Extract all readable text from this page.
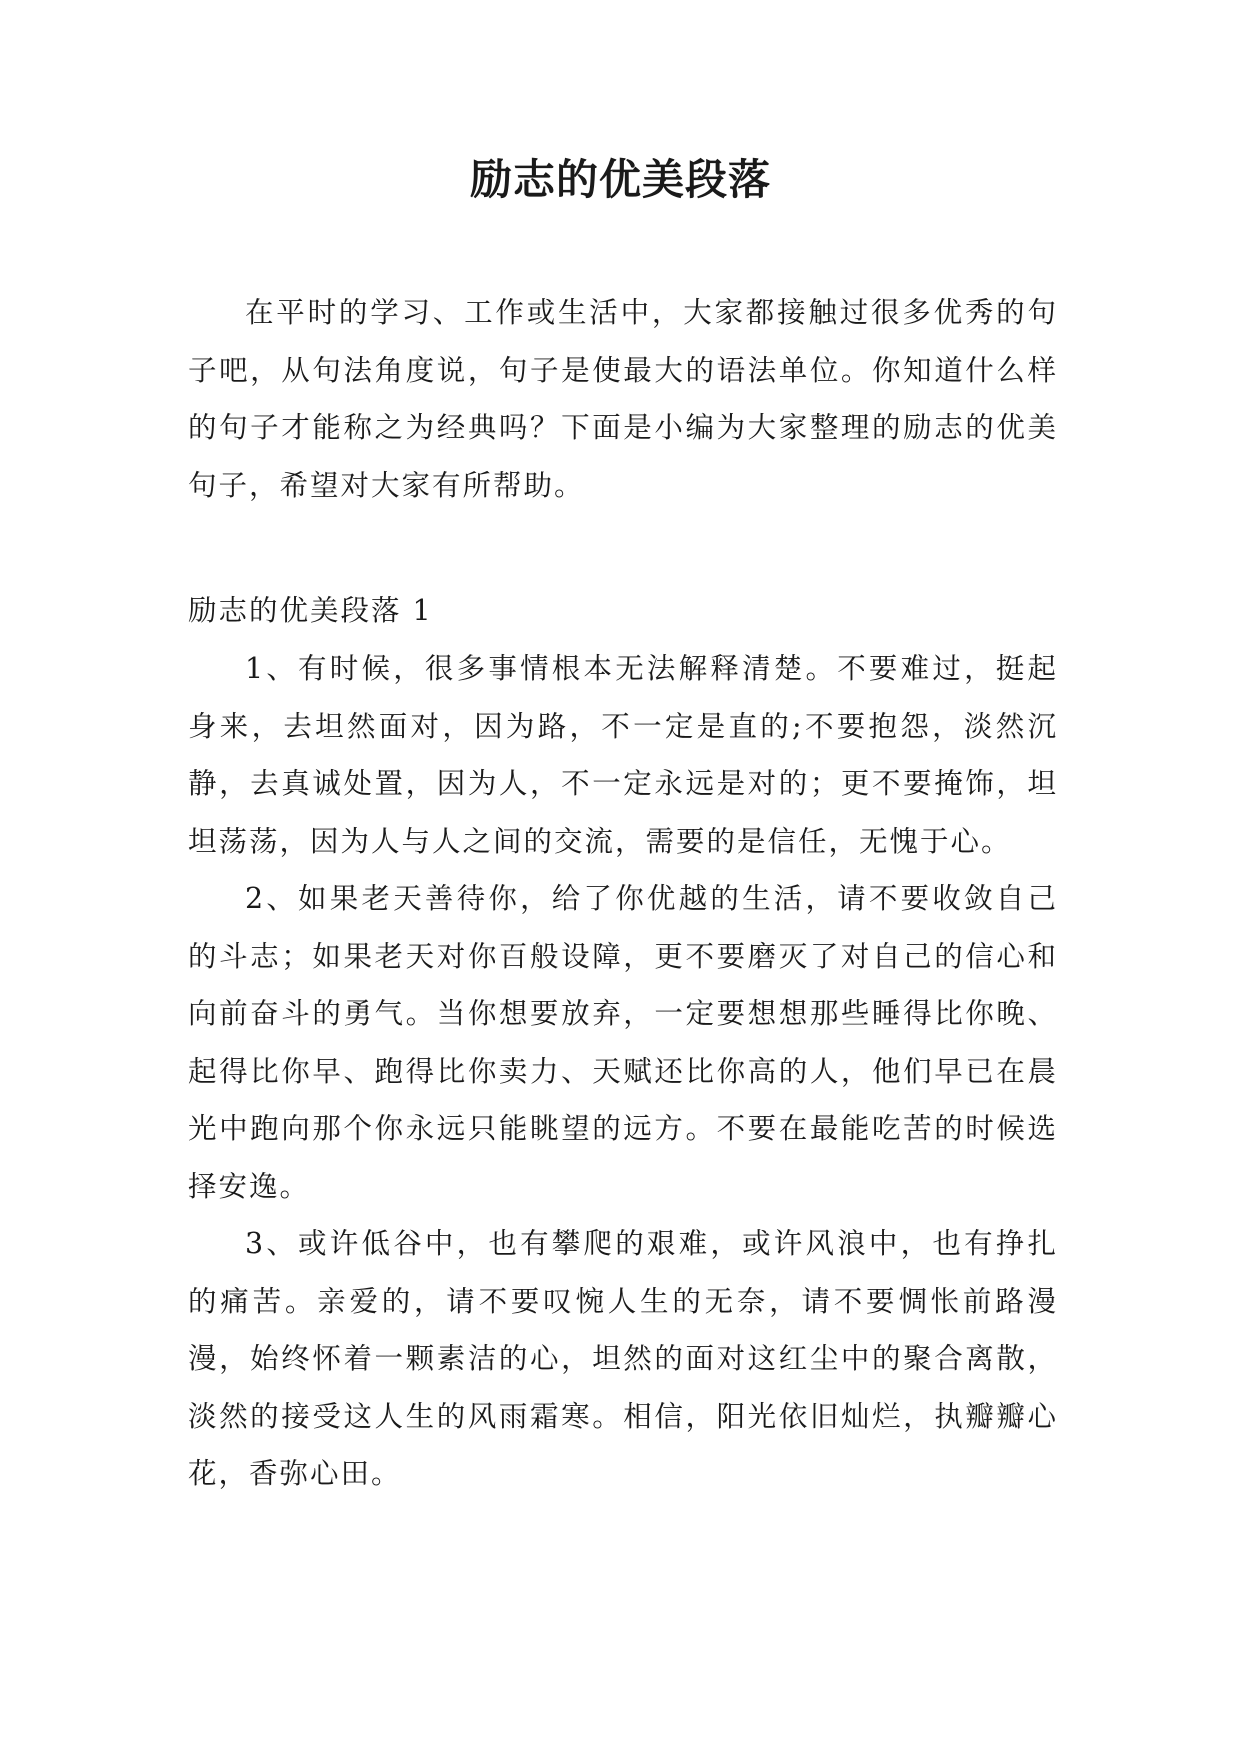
励志的优美段落

在平时的学习、工作或生活中，大家都接触过很多优秀的句子吧，从句法角度说，句子是使最大的语法单位。你知道什么样的句子才能称之为经典吗？下面是小编为大家整理的励志的优美句子，希望对大家有所帮助。

励志的优美段落 1

1、有时候，很多事情根本无法解释清楚。不要难过，挺起身来，去坦然面对，因为路，不一定是直的;不要抱怨，淡然沉静，去真诚处置，因为人，不一定永远是对的；更不要掩饰，坦坦荡荡，因为人与人之间的交流，需要的是信任，无愧于心。

2、如果老天善待你，给了你优越的生活，请不要收敛自己的斗志；如果老天对你百般设障，更不要磨灭了对自己的信心和向前奋斗的勇气。当你想要放弃，一定要想想那些睡得比你晚、起得比你早、跑得比你卖力、天赋还比你高的人，他们早已在晨光中跑向那个你永远只能眺望的远方。不要在最能吃苦的时候选择安逸。

3、或许低谷中，也有攀爬的艰难，或许风浪中，也有挣扎的痛苦。亲爱的，请不要叹惋人生的无奈，请不要惆怅前路漫漫，始终怀着一颗素洁的心，坦然的面对这红尘中的聚合离散，淡然的接受这人生的风雨霜寒。相信，阳光依旧灿烂，执瓣瓣心花，香弥心田。
